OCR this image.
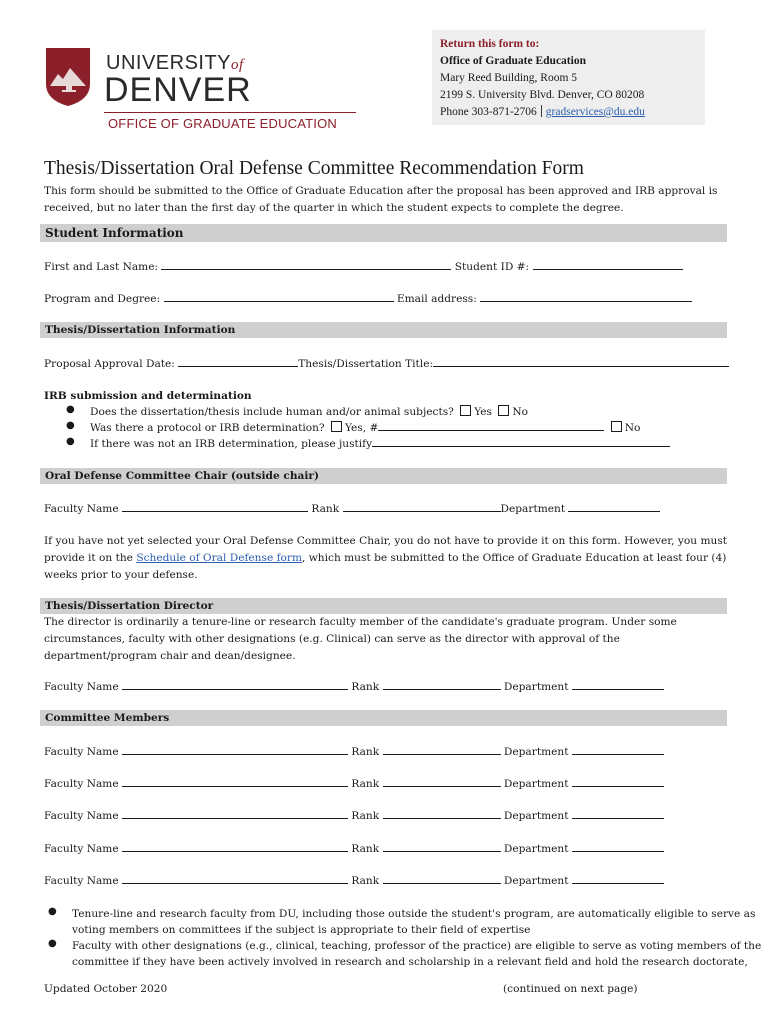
UNIVERSITYof
DENVER
OFFICE OF GRADUATE EDUCATION
Return this form to:
Office of Graduate Education
Mary Reed Building, Room 5
2199 S. University Blvd. Denver, CO 80208
Phone 303-871-2706 gradservices@du.edu
Thesis/Dissertation Oral Defense Committee Recommendation Form
This form should be submitted to the Office of Graduate Education after the proposal has been approved and IRB approval is received, but no later than the first day of the quarter in which the student expects to complete the degree.
Student Information
First and Last Name:	Student ID #:
Program and Degree:	Email address:
Thesis/Dissertation Information
Proposal Approval Date:	Thesis/Dissertation Title:
IRB submission and determination
● Does the dissertation/thesis include human and/or animal subjects? Yes No
● Was there a protocol or IRB determination? Yes, #	No
● If there was not an IRB determination, please justify
Oral Defense Committee Chair (outside chair)
Faculty Name	Rank	Department
If you have not yet selected your Oral Defense Committee Chair, you do not have to provide it on this form. However, you must provide it on the Schedule of Oral Defense form, which must be submitted to the Office of Graduate Education at least four (4) weeks prior to your defense.
Thesis/Dissertation Director
The director is ordinarily a tenure-line or research faculty member of the candidate's graduate program. Under some circumstances, faculty with other designations (e.g. Clinical) can serve as the director with approval of the department/program chair and dean/designee.
Faculty Name	Rank	Department
Committee Members
Faculty Name	Rank	Department
Faculty Name	Rank	Department
Faculty Name	Rank	Department
Faculty Name	Rank	Department
Faculty Name	Rank	Department
● Tenure-line and research faculty from DU, including those outside the student's program, are automatically eligible to serve as
voting members on committees if the subject is appropriate to their field of expertise
● Faculty with other designations (e.g., clinical, teaching, professor of the practice) are eligible to serve as voting members of the
committee if they have been actively involved in research and scholarship in a relevant field and hold the research doctorate,
Updated October 2020	(continued on next page)
